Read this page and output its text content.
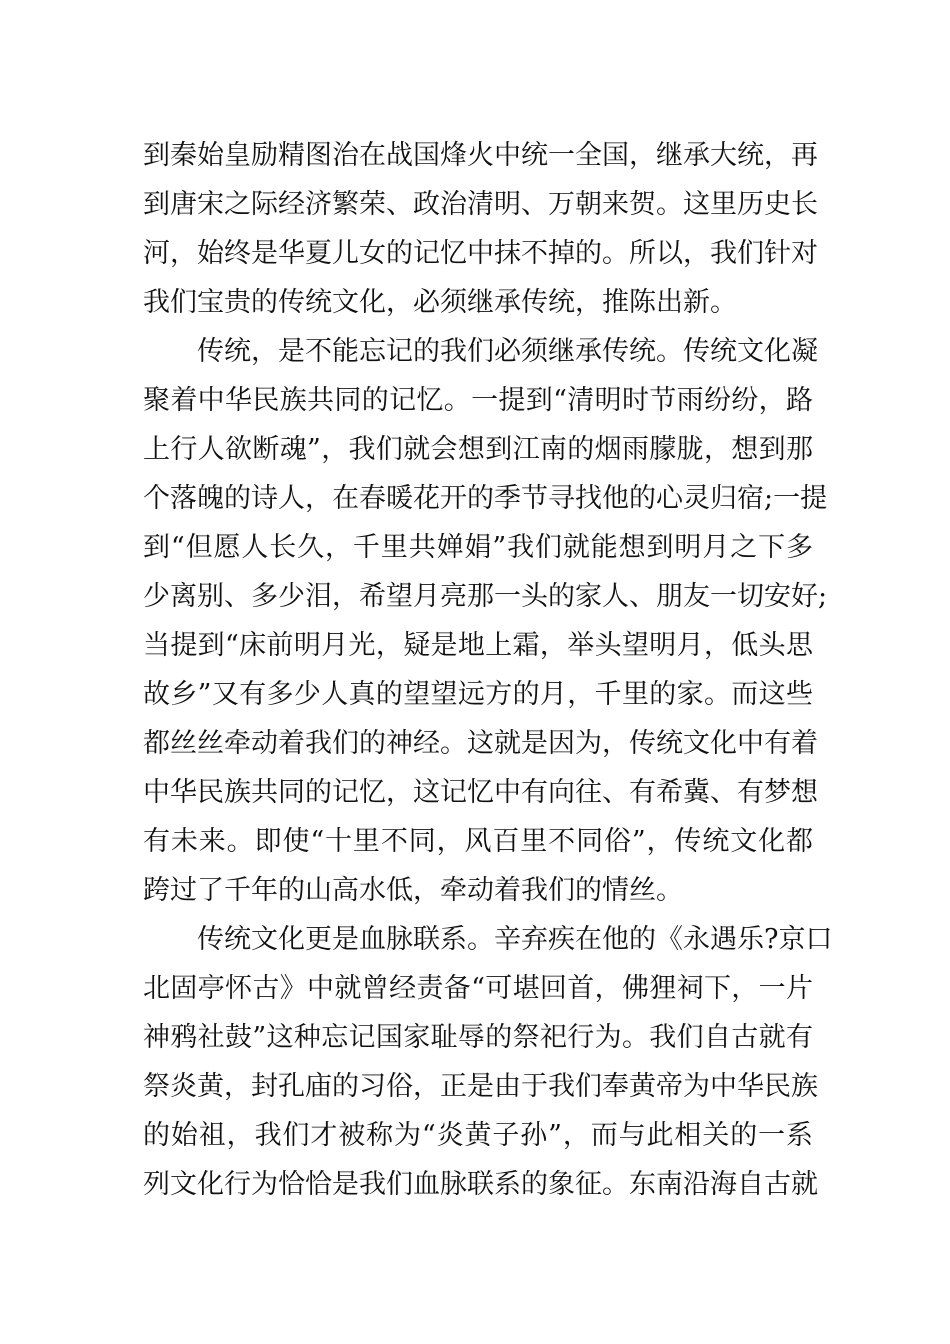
到秦始皇励精图治在战国烽火中统一全国，继承大统，再
到唐宋之际经济繁荣、政治清明、万朝来贺。这里历史长
河，始终是华夏儿女的记忆中抹不掉的。所以，我们针对
我们宝贵的传统文化，必须继承传统，推陈出新。
传统，是不能忘记的我们必须继承传统。传统文化凝
聚着中华民族共同的记忆。一提到“清明时节雨纷纷，路
上行人欲断魂”，我们就会想到江南的烟雨朦胧，想到那
个落魄的诗人，在春暖花开的季节寻找他的心灵归宿;一提
到“但愿人长久，千里共婵娟”我们就能想到明月之下多
少离别、多少泪，希望月亮那一头的家人、朋友一切安好;
当提到“床前明月光，疑是地上霜，举头望明月，低头思
故乡”又有多少人真的望望远方的月，千里的家。而这些
都丝丝牵动着我们的神经。这就是因为，传统文化中有着
中华民族共同的记忆，这记忆中有向往、有希冀、有梦想
有未来。即使“十里不同，风百里不同俗”，传统文化都
跨过了千年的山高水低，牵动着我们的情丝。
传统文化更是血脉联系。辛弃疾在他的《永遇乐?京口
北固亭怀古》中就曾经责备“可堪回首，佛狸祠下，一片
神鸦社鼓”这种忘记国家耻辱的祭祀行为。我们自古就有
祭炎黄，封孔庙的习俗，正是由于我们奉黄帝为中华民族
的始祖，我们才被称为“炎黄子孙”，而与此相关的一系
列文化行为恰恰是我们血脉联系的象征。东南沿海自古就
